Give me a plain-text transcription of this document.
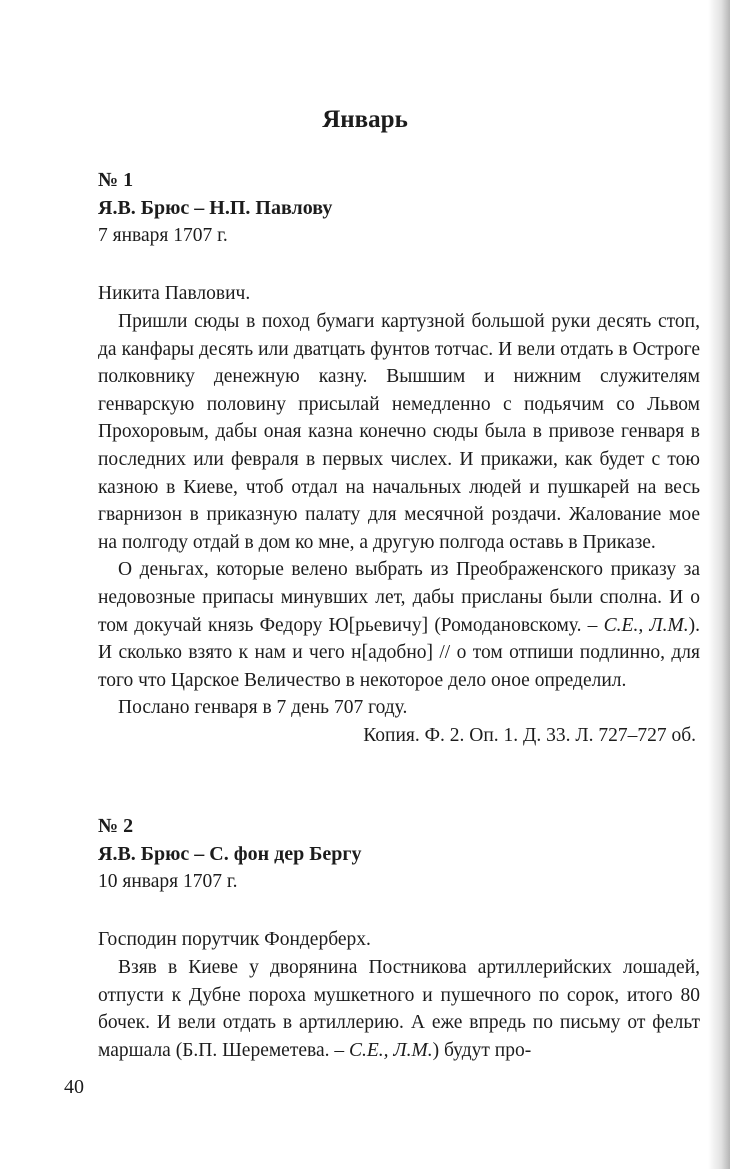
Январь
№ 1
Я.В. Брюс – Н.П. Павлову
7 января 1707 г.
Никита Павлович.

Пришли сюды в поход бумаги картузной большой руки десять стоп, да канфары десять или дватцать фунтов тотчас. И вели отдать в Остроге полковнику денежную казну. Вышшим и нижним служителям генварскую половину присылай немедленно с подьячим со Львом Прохоровым, дабы оная казна конечно сюды была в привозе генваря в последних или февраля в первых числех. И прикажи, как будет с тою казною в Киеве, чтоб отдал на начальных людей и пушкарей на весь гварнизон в приказную палату для месячной роздачи. Жалование мое на полгоду отдай в дом ко мне, а другую полгода оставь в Приказе.

О деньгах, которые велено выбрать из Преображенского приказу за недовозные припасы минувших лет, дабы присланы были сполна. И о том докучай князь Федору Ю[рьевичу] (Ромодановскому. – С.Е., Л.М.). И сколько взято к нам и чего н[адобно] // о том отпиши подлинно, для того что Царское Величество в некоторое дело оное определил.

Послано генваря в 7 день 707 году.

Копия. Ф. 2. Оп. 1. Д. 33. Л. 727–727 об.
№ 2
Я.В. Брюс – С. фон дер Бергу
10 января 1707 г.
Господин порутчик Фондерберх.

Взяв в Киеве у дворянина Постникова артиллерийских лошадей, отпусти к Дубне пороха мушкетного и пушечного по сорок, итого 80 бочек. И вели отдать в артиллерию. А еже впредь по письму от фельт маршала (Б.П. Шереметева. – С.Е., Л.М.) будут про-

40
